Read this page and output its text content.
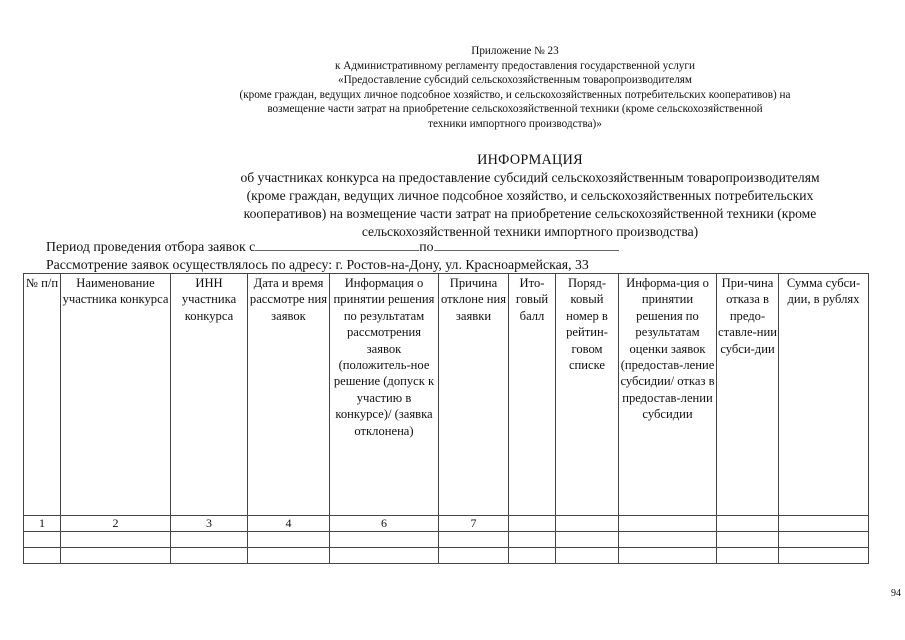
Приложение № 23
к Административному регламенту предоставления государственной услуги
«Предоставление субсидий сельскохозяйственным товаропроизводителям
(кроме граждан, ведущих личное подсобное хозяйство, и сельскохозяйственных потребительских кооперативов) на
возмещение части затрат на приобретение сельскохозяйственной техники (кроме сельскохозяйственной
техники импортного производства)»
ИНФОРМАЦИЯ
об участниках конкурса на предоставление субсидий сельскохозяйственным товаропроизводителям
(кроме граждан, ведущих личное подсобное хозяйство, и сельскохозяйственных потребительских
кооперативов) на возмещение части затрат на приобретение сельскохозяйственной техники (кроме
сельскохозяйственной техники импортного производства)
Период проведения отбора заявок с	по
Рассмотрение заявок осуществлялось по адресу: г. Ростов-на-Дону, ул. Красноармейская, 33
№ п/п	Наименование участника конкурса	ИНН участника конкурса	Дата и время рассмотре ния заявок	Информация о принятии решения по результатам рассмотрения заявок (положитель-ное решение (допуск к участию в конкурсе)/ (заявка отклонена)	Причина отклоне ния заявки	Ито-говый балл	Поряд-ковый номер в рейтин-говом списке	Информа-ция о принятии решения по результатам оценки заявок (предостав-ление субсидии/ отказ в предостав-лении субсидии	При-чина отказа в предо-ставле-нии субси-дии	Сумма субси-дии, в рублях
1	2	3	4	6	7					

94
